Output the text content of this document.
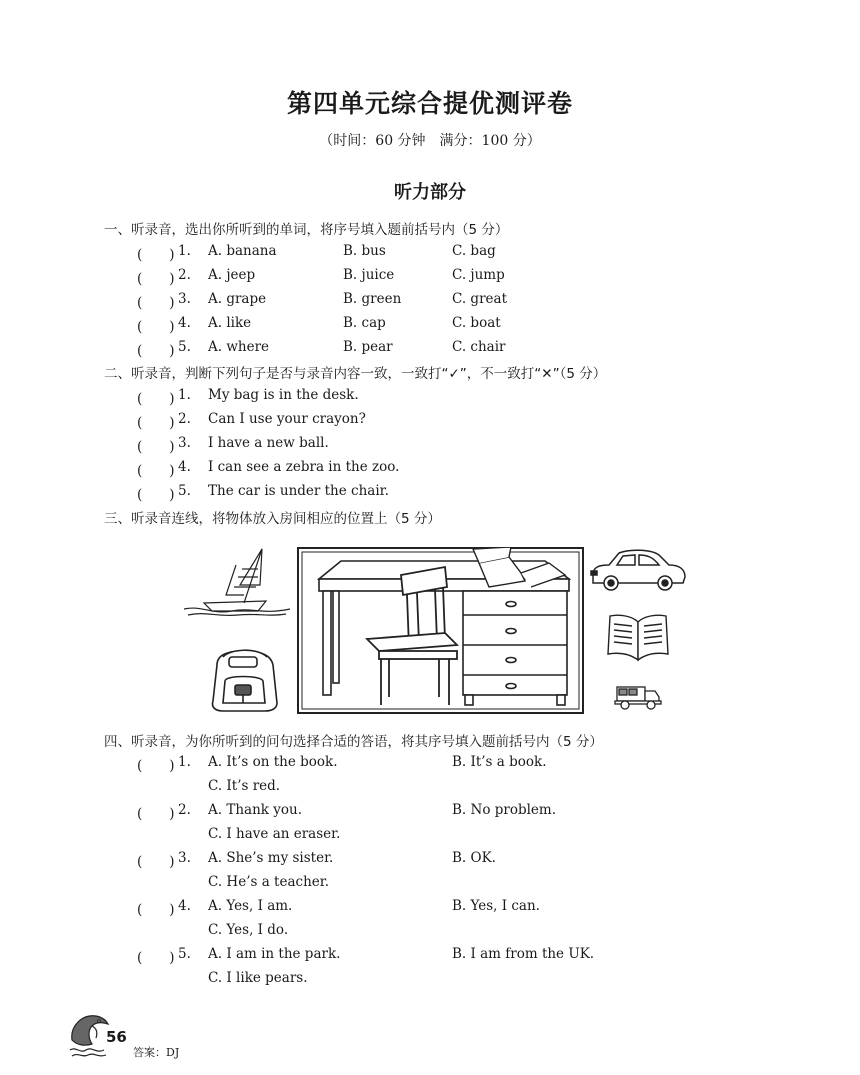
第四单元综合提优测评卷
（时间：60 分钟　满分：100 分）
听力部分
一、听录音，选出你所听到的单词，将序号填入题前括号内（5 分）
(　　) 1. A. banana	B. bus	C. bag
(　　) 2. A. jeep	B. juice	C. jump
(　　) 3. A. grape	B. green	C. great
(　　) 4. A. like	B. cap	C. boat
(　　) 5. A. where	B. pear	C. chair
二、听录音，判断下列句子是否与录音内容一致，一致打“✓”，不一致打“✕”（5 分）
(　　) 1. My bag is in the desk.
(　　) 2. Can I use your crayon?
(　　) 3. I have a new ball.
(　　) 4. I can see a zebra in the zoo.
(　　) 5. The car is under the chair.
三、听录音连线，将物体放入房间相应的位置上（5 分）
四、听录音，为你所听到的问句选择合适的答语，将其序号填入题前括号内（5 分）
(　　) 1. A. It’s on the book.	B. It’s a book.
C. It’s red.
(　　) 2. A. Thank you.	B. No problem.
C. I have an eraser.
(　　) 3. A. She’s my sister.	B. OK.
C. He’s a teacher.
(　　) 4. A. Yes, I am.	B. Yes, I can.
C. Yes, I do.
(　　) 5. A. I am in the park.	B. I am from the UK.
C. I like pears.
56
答案：DJ
